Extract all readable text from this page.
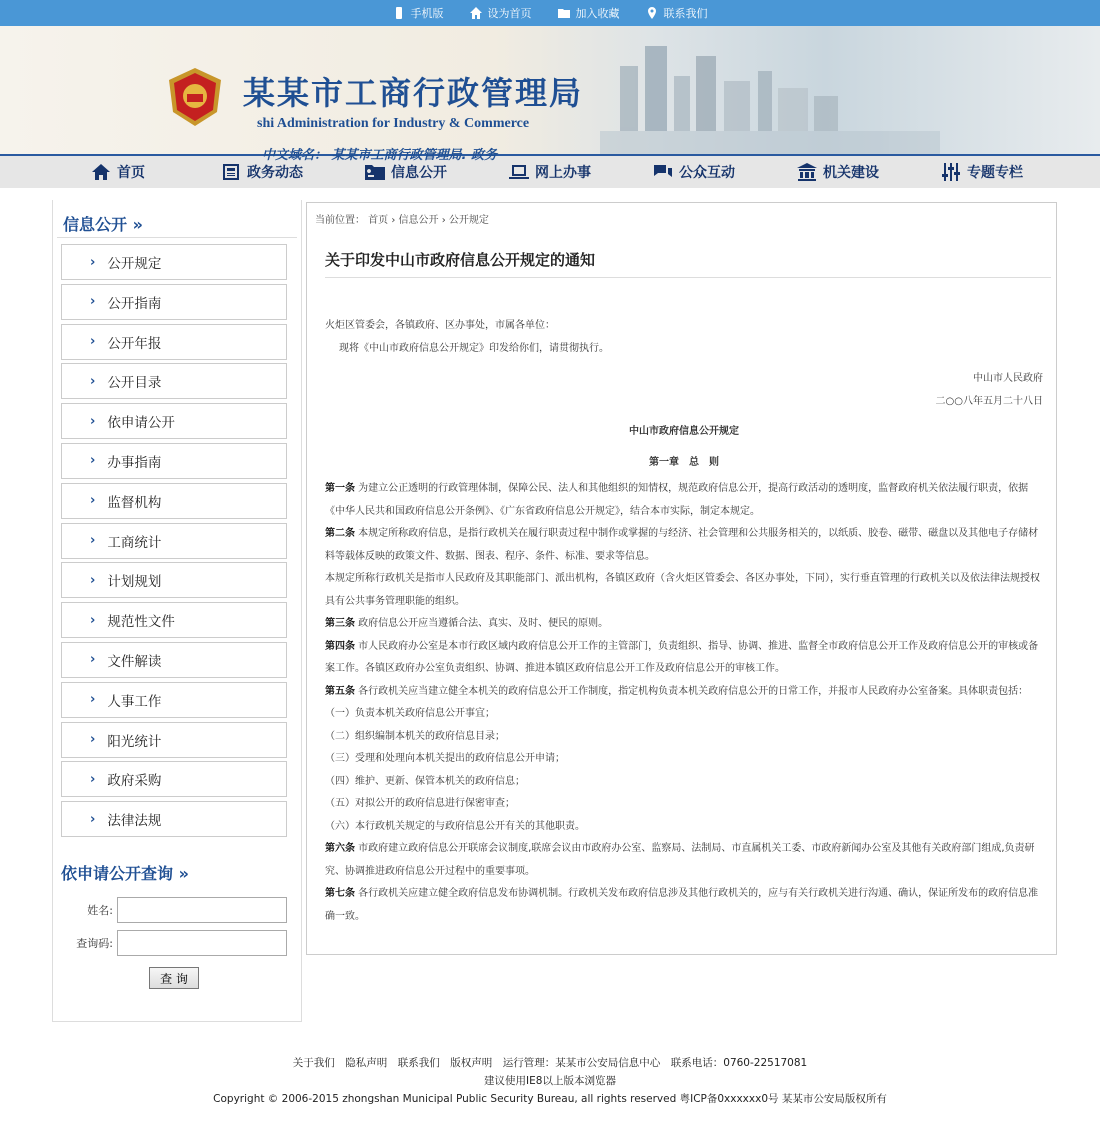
手机版	设为首页	加入收藏	联系我们
某某市工商行政管理局
shi Administration for Industry & Commerce
中文域名： 某某市工商行政管理局. 政务
首页	政务动态	信息公开	网上办事	公众互动	机关建设	专题专栏
信息公开 »
› 公开规定
› 公开指南
› 公开年报
› 公开目录
› 依申请公开
› 办事指南
› 监督机构
› 工商统计
› 计划规划
› 规范性文件
› 文件解读
› 人事工作
› 阳光统计
› 政府采购
› 法律法规
依申请公开查询 »
姓名:
查询码:
查 询
当前位置： 首页 › 信息公开 › 公开规定
关于印发中山市政府信息公开规定的通知
火炬区管委会，各镇政府、区办事处，市属各单位：
现将《中山市政府信息公开规定》印发给你们，请贯彻执行。
中山市人民政府
二○○八年五月二十八日
中山市政府信息公开规定
第一章　总　则
第一条 为建立公正透明的行政管理体制，保障公民、法人和其他组织的知情权，规范政府信息公开，提高行政活动的透明度，监督政府机关依法履行职责，依据《中华人民共和国政府信息公开条例》、《广东省政府信息公开规定》，结合本市实际，制定本规定。
第二条 本规定所称政府信息，是指行政机关在履行职责过程中制作或掌握的与经济、社会管理和公共服务相关的，以纸质、胶卷、磁带、磁盘以及其他电子存储材料等载体反映的政策文件、数据、图表、程序、条件、标准、要求等信息。
本规定所称行政机关是指市人民政府及其职能部门、派出机构，各镇区政府（含火炬区管委会、各区办事处，下同），实行垂直管理的行政机关以及依法律法规授权具有公共事务管理职能的组织。
第三条 政府信息公开应当遵循合法、真实、及时、便民的原则。
第四条 市人民政府办公室是本市行政区域内政府信息公开工作的主管部门，负责组织、指导、协调、推进、监督全市政府信息公开工作及政府信息公开的审核或备案工作。各镇区政府办公室负责组织、协调、推进本镇区政府信息公开工作及政府信息公开的审核工作。
第五条 各行政机关应当建立健全本机关的政府信息公开工作制度，指定机构负责本机关政府信息公开的日常工作，并报市人民政府办公室备案。具体职责包括：
（一）负责本机关政府信息公开事宜；
（二）组织编制本机关的政府信息目录；
（三）受理和处理向本机关提出的政府信息公开申请；
（四）维护、更新、保管本机关的政府信息；
（五）对拟公开的政府信息进行保密审查；
（六）本行政机关规定的与政府信息公开有关的其他职责。
第六条 市政府建立政府信息公开联席会议制度,联席会议由市政府办公室、监察局、法制局、市直属机关工委、市政府新闻办公室及其他有关政府部门组成,负责研究、协调推进政府信息公开过程中的重要事项。
第七条 各行政机关应建立健全政府信息发布协调机制。行政机关发布政府信息涉及其他行政机关的，应与有关行政机关进行沟通、确认，保证所发布的政府信息准确一致。
关于我们　隐私声明　联系我们　版权声明　运行管理：某某市公安局信息中心　联系电话：0760-22517081
建议使用IE8以上版本浏览器
Copyright © 2006-2015 zhongshan Municipal Public Security Bureau, all rights reserved 粤ICP备0xxxxxx0号 某某市公安局版权所有
